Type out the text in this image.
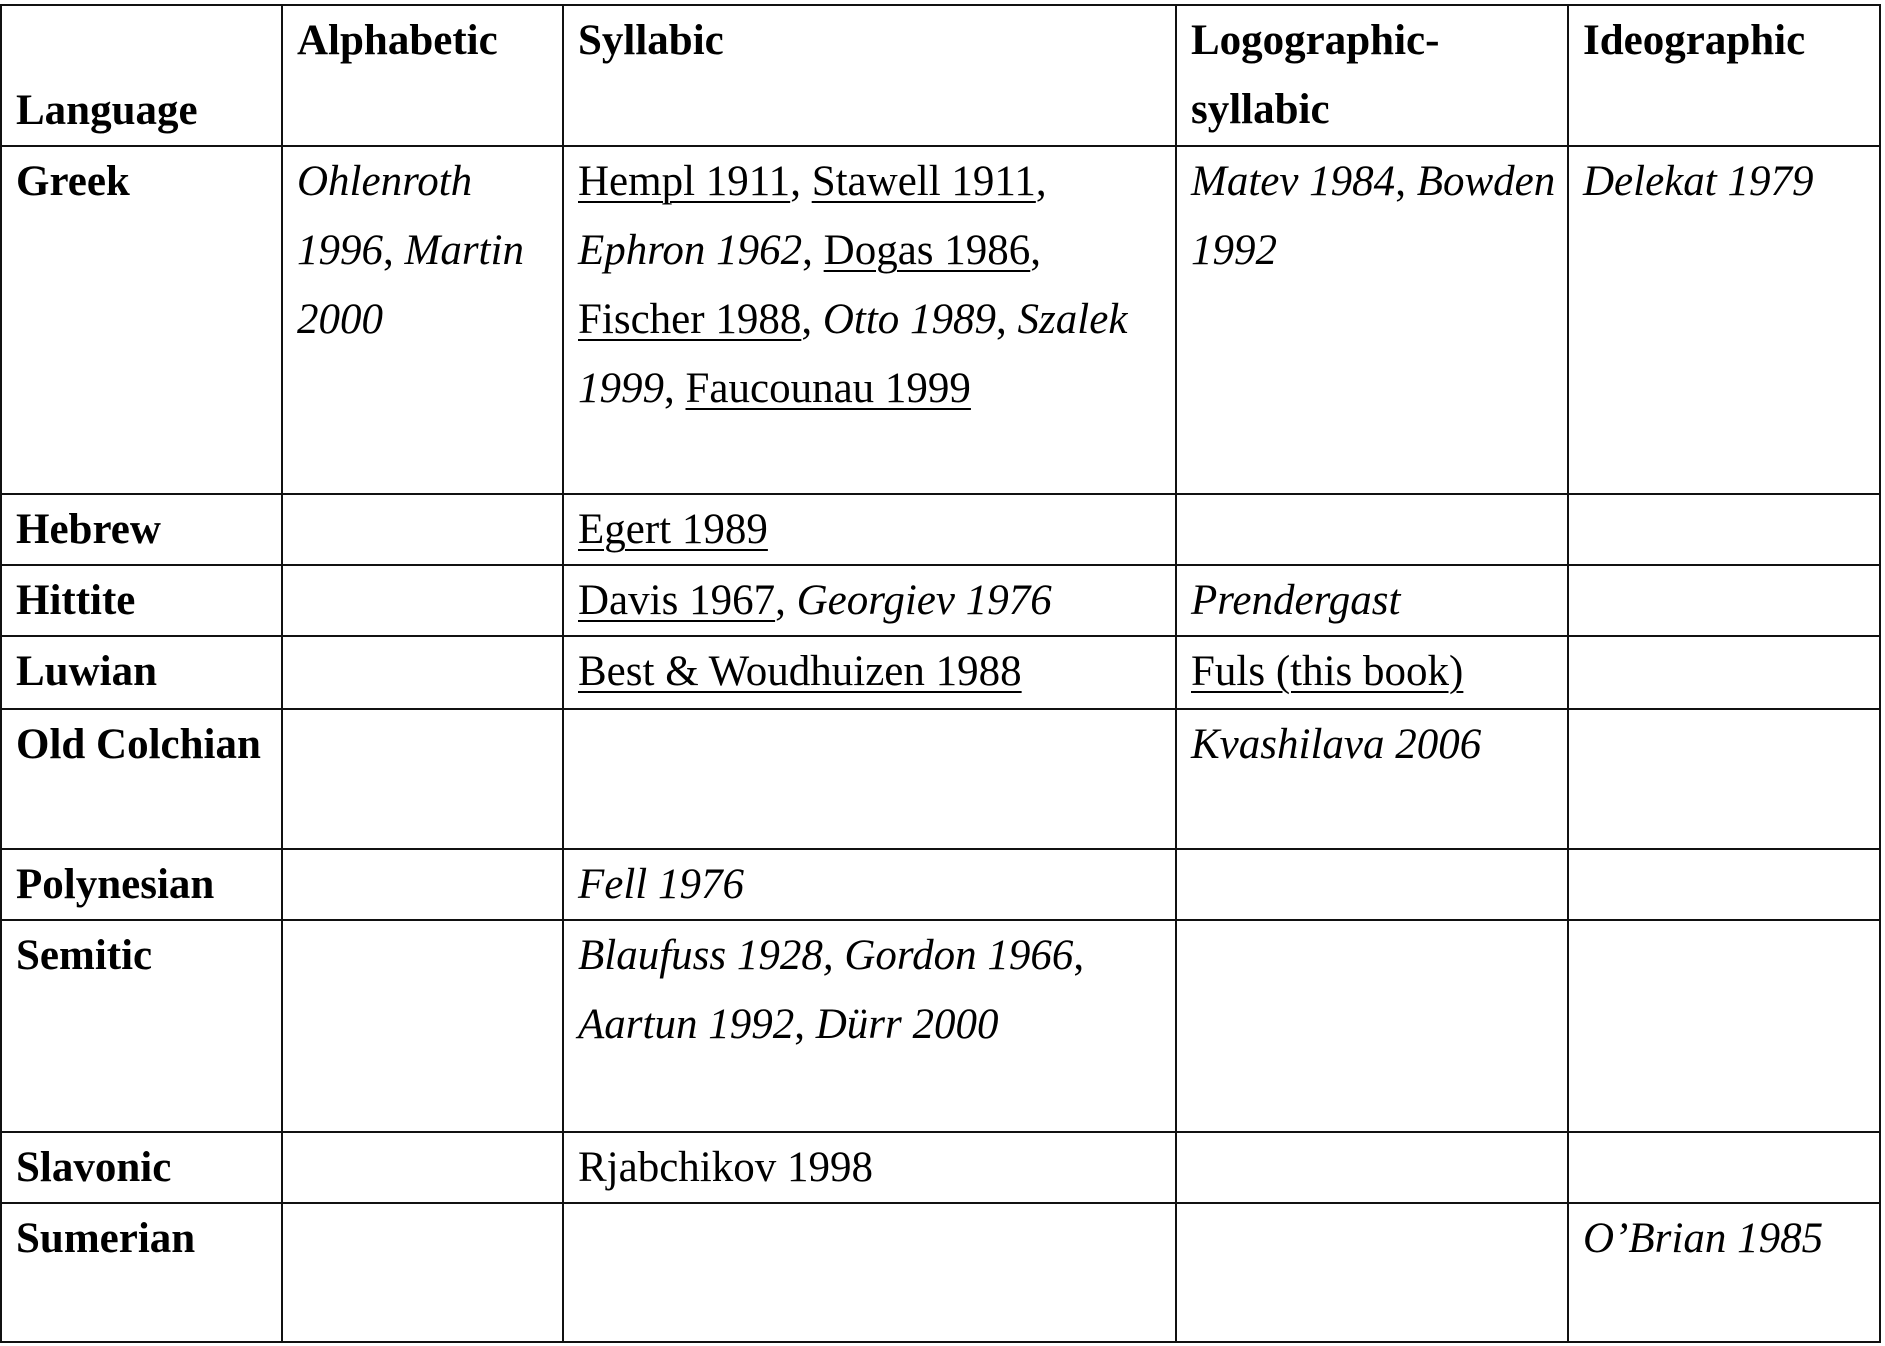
Language	Alphabetic	Syllabic	Logographic-syllabic	Ideographic
Greek	Ohlenroth 1996, Martin 2000	Hempl 1911, Stawell 1911, Ephron 1962, Dogas 1986, Fischer 1988, Otto 1989, Szalek 1999, Faucounau 1999	Matev 1984, Bowden 1992	Delekat 1979
Hebrew		Egert 1989		
Hittite		Davis 1967, Georgiev 1976	Prendergast	
Luwian		Best & Woudhuizen 1988	Fuls (this book)	
Old Colchian			Kvashilava 2006	
Polynesian		Fell 1976		
Semitic		Blaufuss 1928, Gordon 1966, Aartun 1992, Dürr 2000		
Slavonic		Rjabchikov 1998		
Sumerian				O’Brian 1985
